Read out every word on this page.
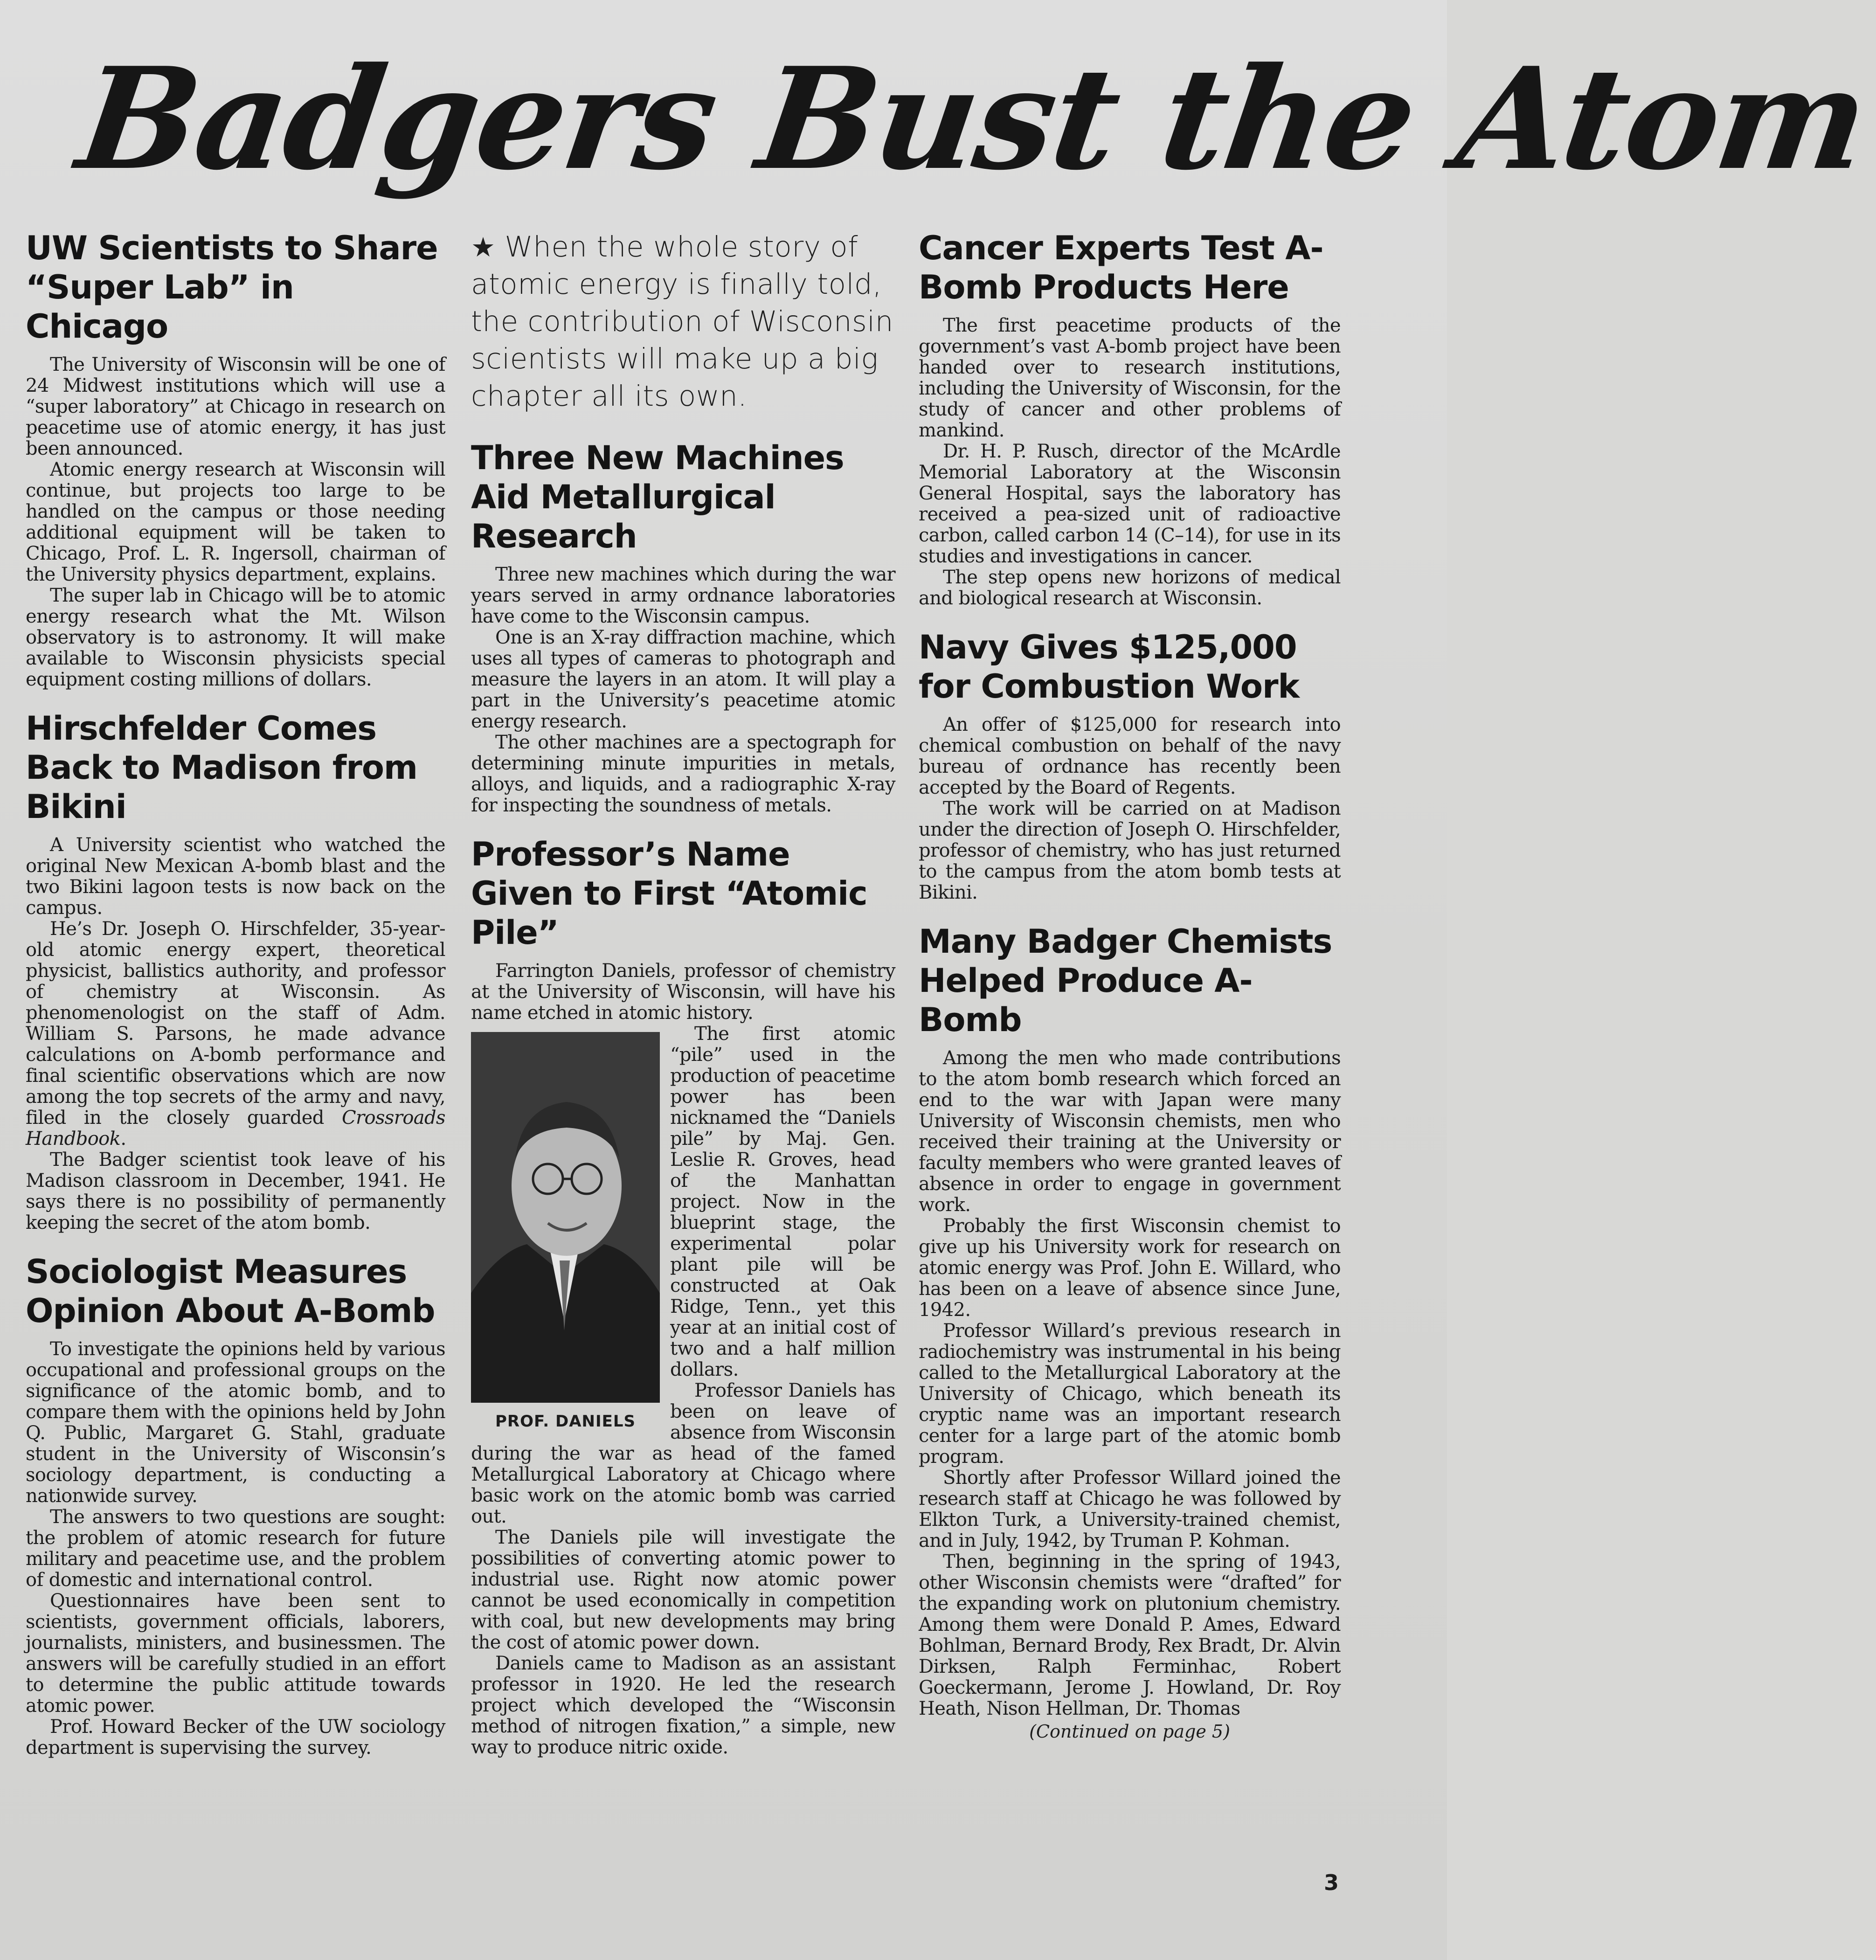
Badgers Bust the Atom
UW Scientists to Share “Super Lab” in Chicago

The University of Wisconsin will be one of 24 Midwest institutions which will use a “super laboratory” at Chicago in research on peacetime use of atomic energy, it has just been announced.

Atomic energy research at Wisconsin will continue, but projects too large to be handled on the campus or those needing additional equipment will be taken to Chicago, Prof. L. R. Ingersoll, chairman of the University physics department, explains.

The super lab in Chicago will be to atomic energy research what the Mt. Wilson observatory is to astronomy. It will make available to Wisconsin physicists special equipment costing millions of dollars.

Hirschfelder Comes Back to Madison from Bikini

A University scientist who watched the original New Mexican A-bomb blast and the two Bikini lagoon tests is now back on the campus.

He’s Dr. Joseph O. Hirschfelder, 35-year-old atomic energy expert, theoretical physicist, ballistics authority, and professor of chemistry at Wisconsin. As phenomenologist on the staff of Adm. William S. Parsons, he made advance calculations on A-bomb performance and final scientific observations which are now among the top secrets of the army and navy, filed in the closely guarded Crossroads Handbook.

The Badger scientist took leave of his Madison classroom in December, 1941. He says there is no possibility of permanently keeping the secret of the atom bomb.

Sociologist Measures Opinion About A-Bomb

To investigate the opinions held by various occupational and professional groups on the significance of the atomic bomb, and to compare them with the opinions held by John Q. Public, Margaret G. Stahl, graduate student in the University of Wisconsin’s sociology department, is conducting a nationwide survey.

The answers to two questions are sought: the problem of atomic research for future military and peacetime use, and the problem of domestic and international control.

Questionnaires have been sent to scientists, government officials, laborers, journalists, ministers, and businessmen. The answers will be carefully studied in an effort to determine the public attitude towards atomic power.

Prof. Howard Becker of the UW sociology department is supervising the survey.

★ When the whole story of atomic energy is finally told, the contribution of Wisconsin scientists will make up a big chapter all its own.
Three New Machines Aid Metallurgical Research

Three new machines which during the war years served in army ordnance laboratories have come to the Wisconsin campus.

One is an X-ray diffraction machine, which uses all types of cameras to photograph and measure the layers in an atom. It will play a part in the University’s peacetime atomic energy research.

The other machines are a spectograph for determining minute impurities in metals, alloys, and liquids, and a radiographic X-ray for inspecting the soundness of metals.

Professor’s Name Given to First “Atomic Pile”

Farrington Daniels, professor of chemistry at the University of Wisconsin, will have his name etched in atomic history.

PROF. DANIELS

The first atomic “pile” used in the production of peacetime power has been nicknamed the “Daniels pile” by Maj. Gen. Leslie R. Groves, head of the Manhattan project. Now in the blueprint stage, the experimental polar plant pile will be constructed at Oak Ridge, Tenn., yet this year at an initial cost of two and a half million dollars.

Professor Daniels has been on leave of absence from Wisconsin during the war as head of the famed Metallurgical Laboratory at Chicago where basic work on the atomic bomb was carried out.

The Daniels pile will investigate the possibilities of converting atomic power to industrial use. Right now atomic power cannot be used economically in competition with coal, but new developments may bring the cost of atomic power down.

Daniels came to Madison as an assistant professor in 1920. He led the research project which developed the “Wisconsin method of nitrogen fixation,” a simple, new way to produce nitric oxide.

Cancer Experts Test A-Bomb Products Here

The first peacetime products of the government’s vast A-bomb project have been handed over to research institutions, including the University of Wisconsin, for the study of cancer and other problems of mankind.

Dr. H. P. Rusch, director of the McArdle Memorial Laboratory at the Wisconsin General Hospital, says the laboratory has received a pea-sized unit of radioactive carbon, called carbon 14 (C–14), for use in its studies and investigations in cancer.

The step opens new horizons of medical and biological research at Wisconsin.

Navy Gives $125,000 for Combustion Work

An offer of $125,000 for research into chemical combustion on behalf of the navy bureau of ordnance has recently been accepted by the Board of Regents.

The work will be carried on at Madison under the direction of Joseph O. Hirschfelder, professor of chemistry, who has just returned to the campus from the atom bomb tests at Bikini.

Many Badger Chemists Helped Produce A-Bomb

Among the men who made contributions to the atom bomb research which forced an end to the war with Japan were many University of Wisconsin chemists, men who received their training at the University or faculty members who were granted leaves of absence in order to engage in government work.

Probably the first Wisconsin chemist to give up his University work for research on atomic energy was Prof. John E. Willard, who has been on a leave of absence since June, 1942.

Professor Willard’s previous research in radiochemistry was instrumental in his being called to the Metallurgical Laboratory at the University of Chicago, which beneath its cryptic name was an important research center for a large part of the atomic bomb program.

Shortly after Professor Willard joined the research staff at Chicago he was followed by Elkton Turk, a University-trained chemist, and in July, 1942, by Truman P. Kohman.

Then, beginning in the spring of 1943, other Wisconsin chemists were “drafted” for the expanding work on plutonium chemistry. Among them were Donald P. Ames, Edward Bohlman, Bernard Brody, Rex Bradt, Dr. Alvin Dirksen, Ralph Ferminhac, Robert Goeckermann, Jerome J. Howland, Dr. Roy Heath, Nison Hellman, Dr. Thomas

(Continued on page 5)
3
